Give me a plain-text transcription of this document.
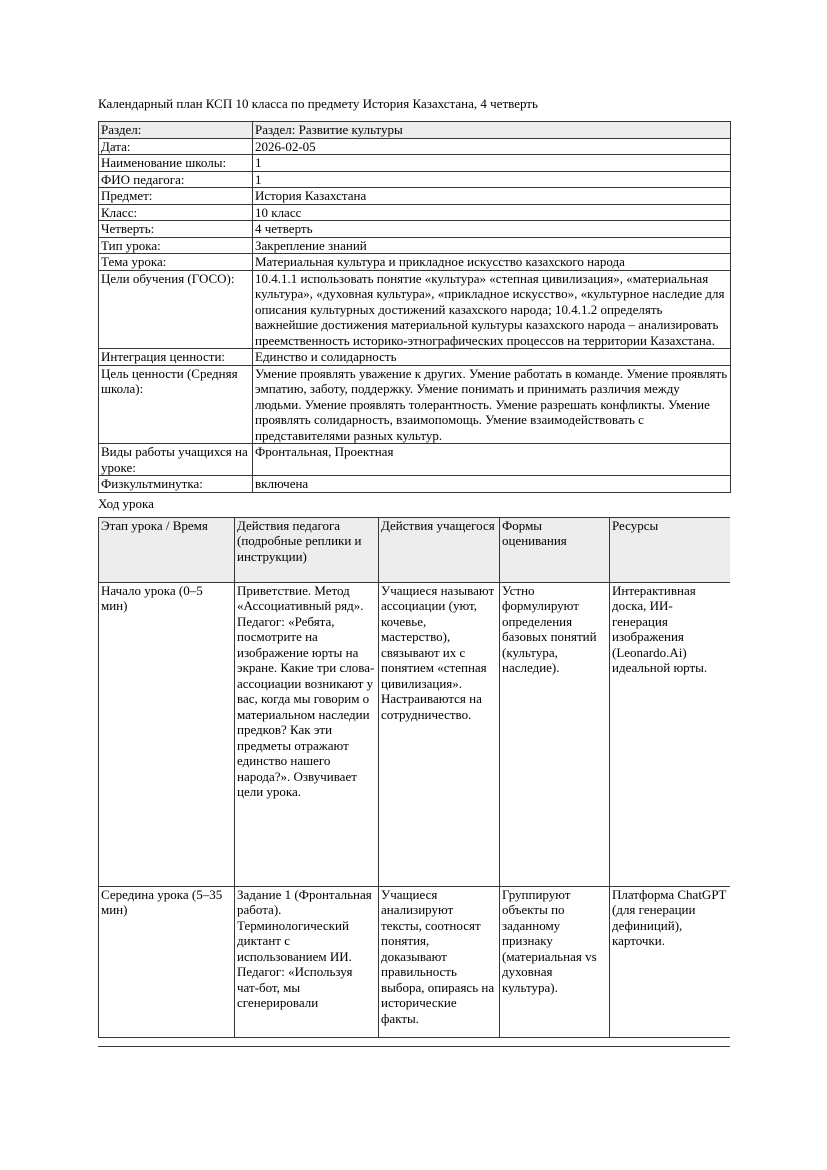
Календарный план КСП 10 класса по предмету История Казахстана, 4 четверть
Раздел:	Раздел: Развитие культуры
Дата:	2026-02-05
Наименование школы:	1
ФИО педагога:	1
Предмет:	История Казахстана
Класс:	10 класс
Четверть:	4 четверть
Тип урока:	Закрепление знаний
Тема урока:	Материальная культура и прикладное искусство казахского народа
Цели обучения (ГОСО):	10.4.1.1 использовать понятие «культура» «степная цивилизация», «материальная культура», «духовная культура», «прикладное искусство», «культурное наследие для описания культурных достижений казахского народа; 10.4.1.2 определять важнейшие достижения материальной культуры казахского народа – анализировать преемственность историко-этнографических процессов на территории Казахстана.
Интеграция ценности:	Единство и солидарность
Цель ценности (Средняя школа):	Умение проявлять уважение к других. Умение работать в команде. Умение проявлять эмпатию, заботу, поддержку. Умение понимать и принимать различия между людьми. Умение проявлять толерантность. Умение разрешать конфликты. Умение проявлять солидарность, взаимопомощь. Умение взаимодействовать с представителями разных культур.
Виды работы учащихся на уроке:	Фронтальная, Проектная
Физкультминутка:	включена
Ход урока
Этап урока / Время	Действия педагога (подробные реплики и инструкции)	Действия учащегося	Формы оценивания	Ресурсы
Начало урока (0–5 мин)	Приветствие. Метод «Ассоциативный ряд». Педагог: «Ребята, посмотрите на изображение юрты на экране. Какие три слова-ассоциации возникают у вас, когда мы говорим о материальном наследии предков? Как эти предметы отражают единство нашего народа?». Озвучивает цели урока.	Учащиеся называют ассоциации (уют, кочевье, мастерство), связывают их с понятием «степная цивилизация». Настраиваются на сотрудничество.	Устно формулируют определения базовых понятий (культура, наследие).	Интерактивная доска, ИИ-генерация изображения (Leonardo.Ai) идеальной юрты.
Середина урока (5–35 мин)	Задание 1 (Фронтальная работа). Терминологический диктант с использованием ИИ. Педагог: «Используя чат-бот, мы сгенерировали	Учащиеся анализируют тексты, соотносят понятия, доказывают правильность выбора, опираясь на исторические факты.	Группируют объекты по заданному признаку (материальная vs духовная культура).	Платформа ChatGPT (для генерации дефиниций), карточки.
